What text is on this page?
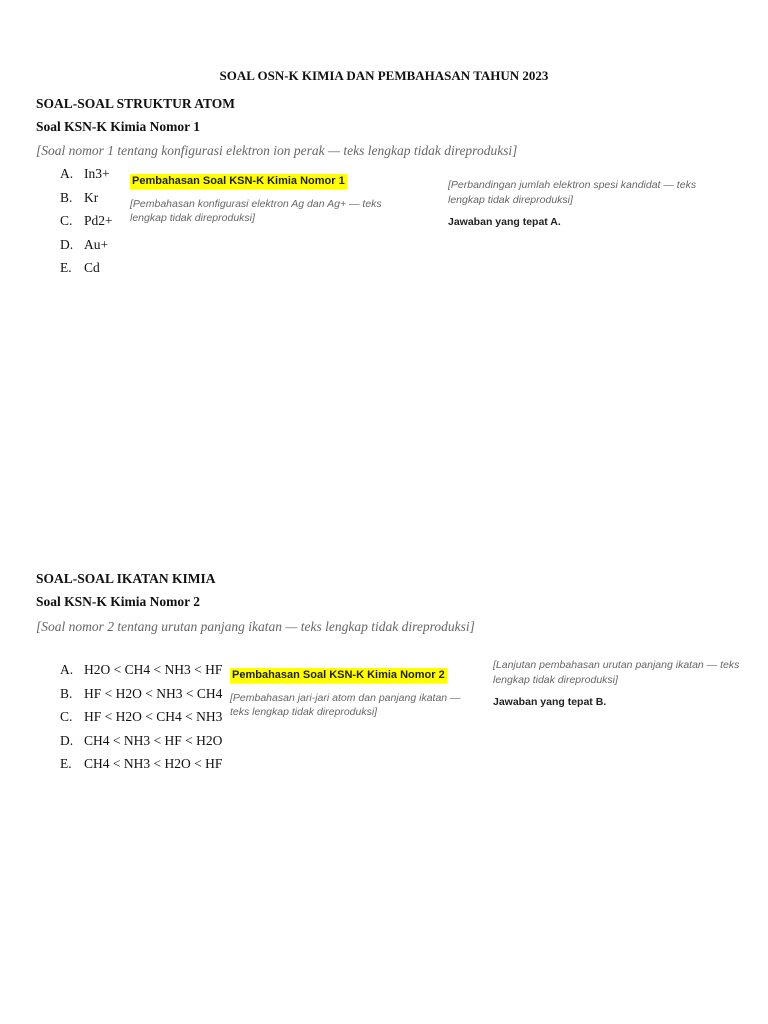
SOAL OSN-K KIMIA DAN PEMBAHASAN TAHUN 2023
SOAL-SOAL STRUKTUR ATOM
Soal KSN-K Kimia Nomor 1
[Soal nomor 1 tentang konfigurasi elektron ion perak — teks lengkap tidak direproduksi]
A. In3+
B. Kr
C. Pd2+
D. Au+
E. Cd
Pembahasan Soal KSN-K Kimia Nomor 1

[Pembahasan konfigurasi elektron Ag dan Ag+ — teks lengkap tidak direproduksi]

[Perbandingan jumlah elektron spesi kandidat — teks lengkap tidak direproduksi]

Jawaban yang tepat A.
SOAL-SOAL IKATAN KIMIA
Soal KSN-K Kimia Nomor 2
[Soal nomor 2 tentang urutan panjang ikatan — teks lengkap tidak direproduksi]
A. H2O < CH4 < NH3 < HF
B. HF < H2O < NH3 < CH4
C. HF < H2O < CH4 < NH3
D. CH4 < NH3 < HF < H2O
E. CH4 < NH3 < H2O < HF
Pembahasan Soal KSN-K Kimia Nomor 2

[Pembahasan jari-jari atom dan panjang ikatan — teks lengkap tidak direproduksi]

[Lanjutan pembahasan urutan panjang ikatan — teks lengkap tidak direproduksi]

Jawaban yang tepat B.
